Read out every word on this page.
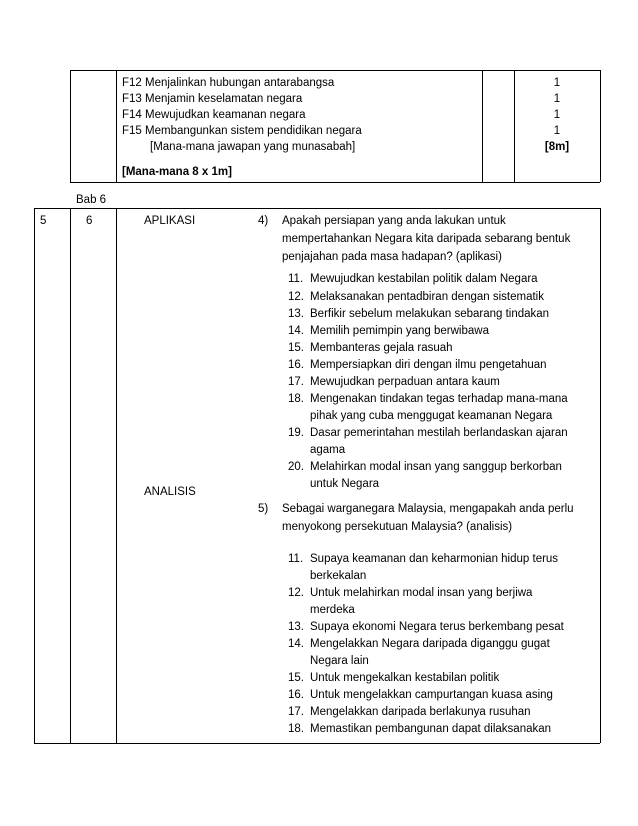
F12 Menjalinkan hubungan antarabangsa
F13 Menjamin keselamatan negara
F14 Mewujudkan keamanan negara
F15 Membangunkan sistem pendidikan negara
[Mana-mana jawapan yang munasabah]
[Mana-mana 8 x 1m]
1
1
1
1
[8m]
Bab 6
5	6	APLIKASI
ANALISIS
4) Apakah persiapan yang anda lakukan untuk
mempertahankan Negara kita daripada sebarang bentuk
penjajahan pada masa hadapan? (aplikasi)
11. Mewujudkan kestabilan politik dalam Negara
12. Melaksanakan pentadbiran dengan sistematik
13. Berfikir sebelum melakukan sebarang tindakan
14. Memilih pemimpin yang berwibawa
15. Membanteras gejala rasuah
16. Mempersiapkan diri dengan ilmu pengetahuan
17. Mewujudkan perpaduan antara kaum
18. Mengenakan tindakan tegas terhadap mana-mana
pihak yang cuba menggugat keamanan Negara
19. Dasar pemerintahan mestilah berlandaskan ajaran
agama
20. Melahirkan modal insan yang sanggup berkorban
untuk Negara
5) Sebagai warganegara Malaysia, mengapakah anda perlu
menyokong persekutuan Malaysia? (analisis)
11. Supaya keamanan dan keharmonian hidup terus
berkekalan
12. Untuk melahirkan modal insan yang berjiwa
merdeka
13. Supaya ekonomi Negara terus berkembang pesat
14. Mengelakkan Negara daripada diganggu gugat
Negara lain
15. Untuk mengekalkan kestabilan politik
16. Untuk mengelakkan campurtangan kuasa asing
17. Mengelakkan daripada berlakunya rusuhan
18. Memastikan pembangunan dapat dilaksanakan
